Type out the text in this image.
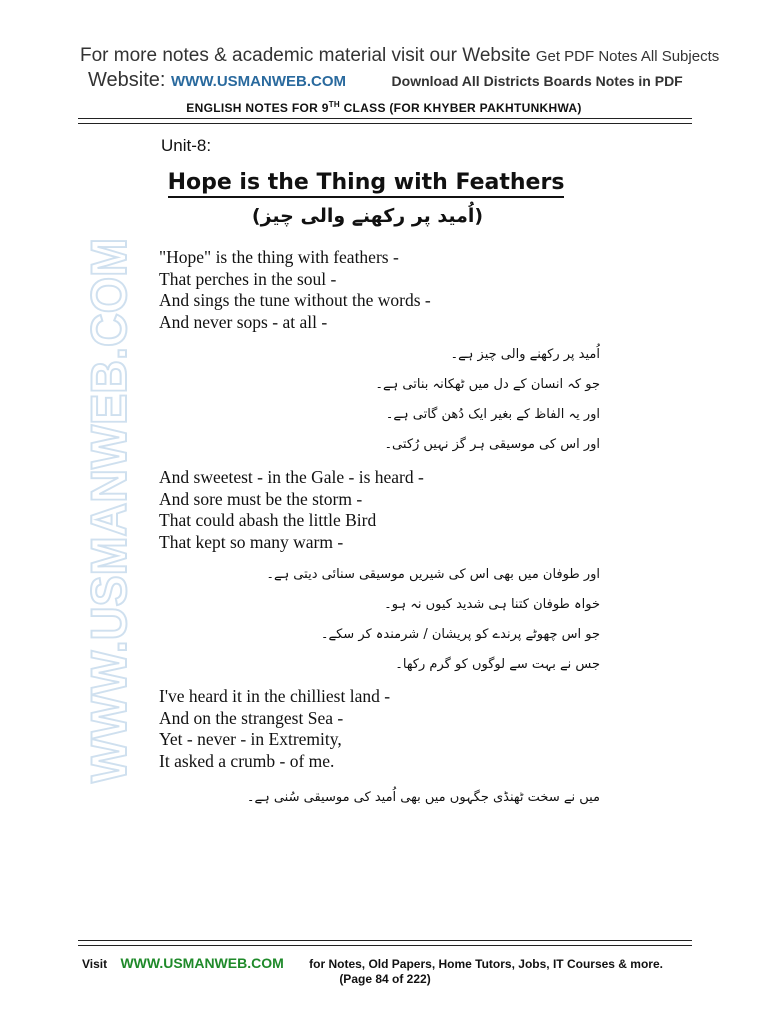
WWW.USMANWEB.COM
For more notes & academic material visit our Website Get PDF Notes All Subjects
Website: WWW.USMANWEB.COM	Download All Districts Boards Notes in PDF
ENGLISH NOTES FOR 9TH CLASS (FOR KHYBER PAKHTUNKHWA)
Unit-8:
Hope is the Thing with Feathers
(اُمید پر رکھنے والی چیز)
"Hope" is the thing with feathers -
That perches in the soul -
And sings the tune without the words -
And never sops - at all -
اُمید پر رکھنے والی چیز ہے۔
جو کہ انسان کے دل میں ٹھکانہ بناتی ہے۔
اور یہ الفاظ کے بغیر ایک دُھن گاتی ہے۔
اور اس کی موسیقی ہر گز نہیں رُکتی۔
And sweetest - in the Gale - is heard -
And sore must be the storm -
That could abash the little Bird
That kept so many warm -
اور طوفان میں بھی اس کی شیریں موسیقی سنائی دیتی ہے۔
خواہ طوفان کتنا ہی شدید کیوں نہ ہو۔
جو اس چھوٹے پرندے کو پریشان / شرمندہ کر سکے۔
جس نے بہت سے لوگوں کو گرم رکھا۔
I've heard it in the chilliest land -
And on the strangest Sea -
Yet - never - in Extremity,
It asked a crumb - of me.
میں نے سخت ٹھنڈی جگہوں میں بھی اُمید کی موسیقی سُنی ہے۔
Visit WWW.USMANWEB.COM for Notes, Old Papers, Home Tutors, Jobs, IT Courses & more.
(Page 84 of 222)
